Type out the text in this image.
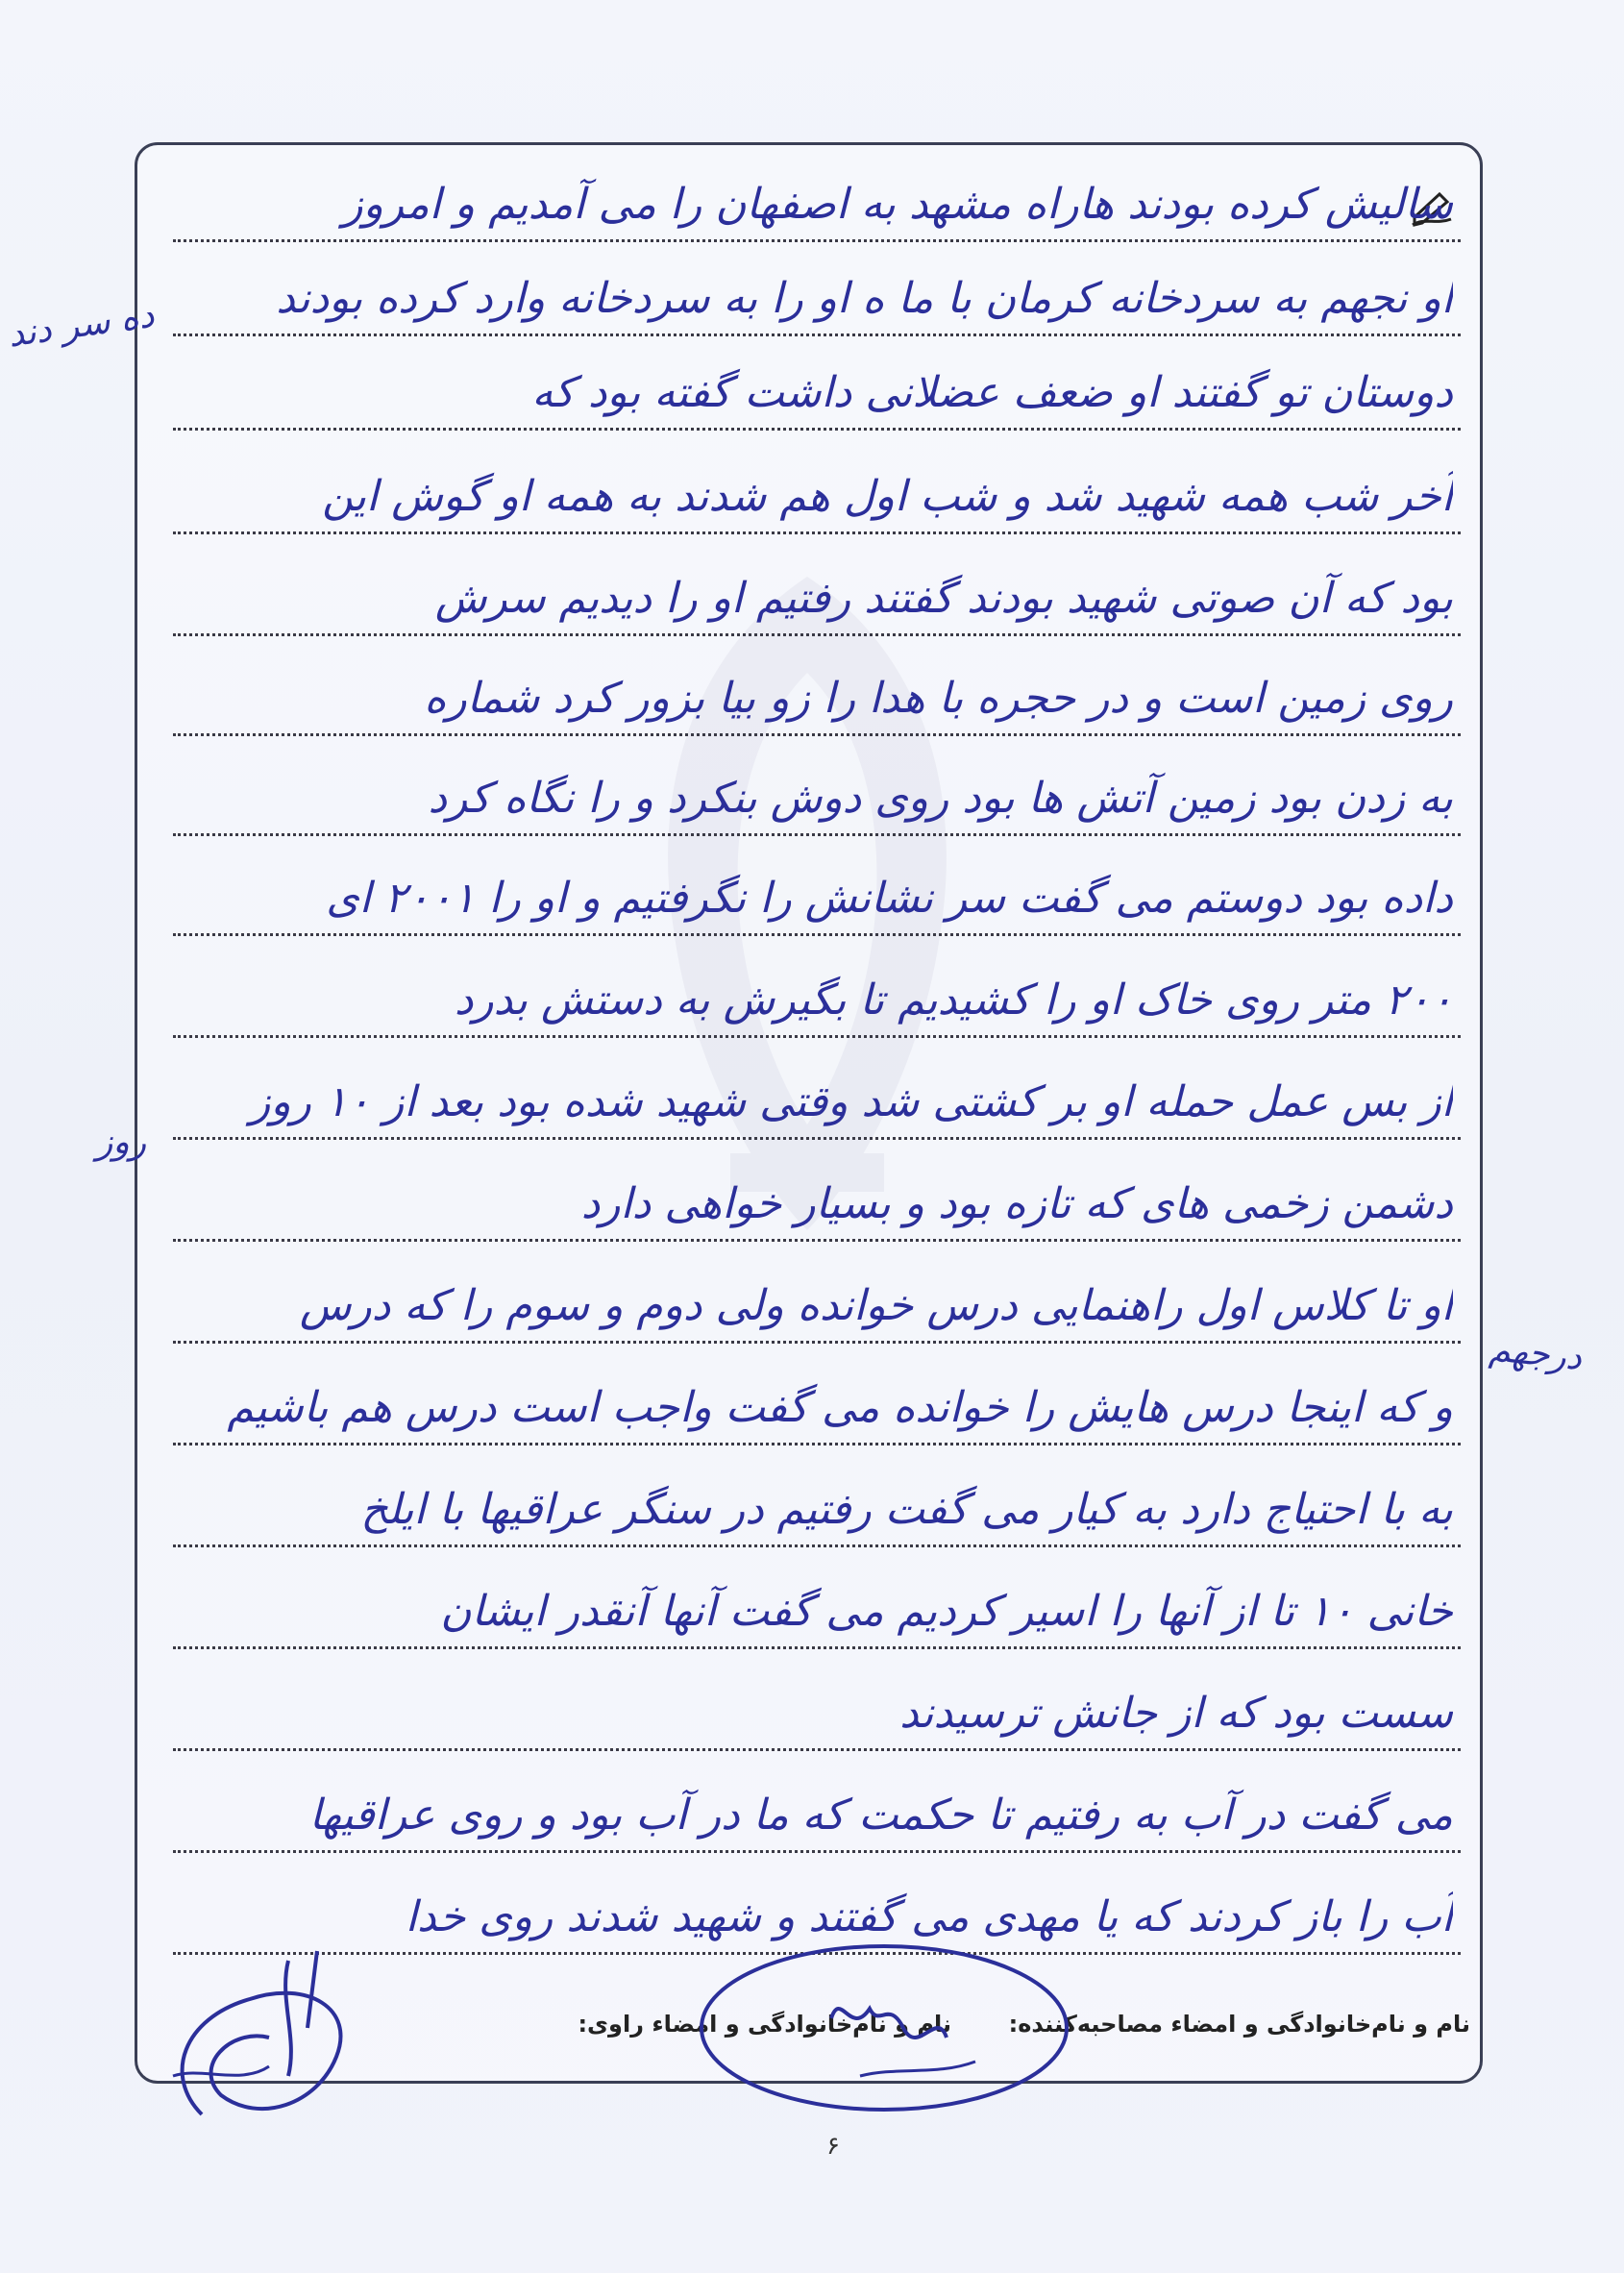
سالیش کرده بودند هاراه مشهد به اصفهان را می آمدیم و امروز
او نجهم به سردخانه کرمان با ما ه او را به سردخانه وارد کرده بودند
دوستان تو گفتند او ضعف عضلانی داشت گفته بود که
آخر شب همه شهید شد و شب اول هم شدند به همه او گوش این
بود که آن صوتی شهید بودند گفتند رفتیم او را دیدیم سرش
روی زمین است و در حجره با هدا را زو بیا بزور کرد شماره
به زدن بود زمین آتش ها بود روی دوش بنکرد و را نگاه کرد
داده بود دوستم می گفت سر نشانش را نگرفتیم و او را ۲۰۰۱ ای
۲۰۰ متر روی خاک او را کشیدیم تا بگیرش به دستش بدرد
از بس عمل حمله او بر کشتی شد وقتی شهید شده بود بعد از ۱۰ روز
دشمن زخمی های که تازه بود و بسیار خواهی دارد
او تا کلاس اول راهنمایی درس خوانده ولی دوم و سوم را که درس
و که اینجا درس هایش را خوانده می گفت واجب است درس هم باشیم
به با احتیاج دارد به کیار می گفت رفتیم در سنگر عراقیها با ایلخ
خانی ۱۰ تا از آنها را اسیر کردیم می گفت آنها آنقدر ایشان
سست بود که از جانش ترسیدند
می گفت در آب به رفتیم تا حکمت که ما در آب بود و روی عراقیها
آب را باز کردند که یا مهدی می گفتند و شهید شدند روی خدا
ده سر دند
روز
درجهم
نام و نام‌خانوادگی و امضاء مصاحبه‌کننده:
نام و نام‌خانوادگی و امضاء راوی:
۶
